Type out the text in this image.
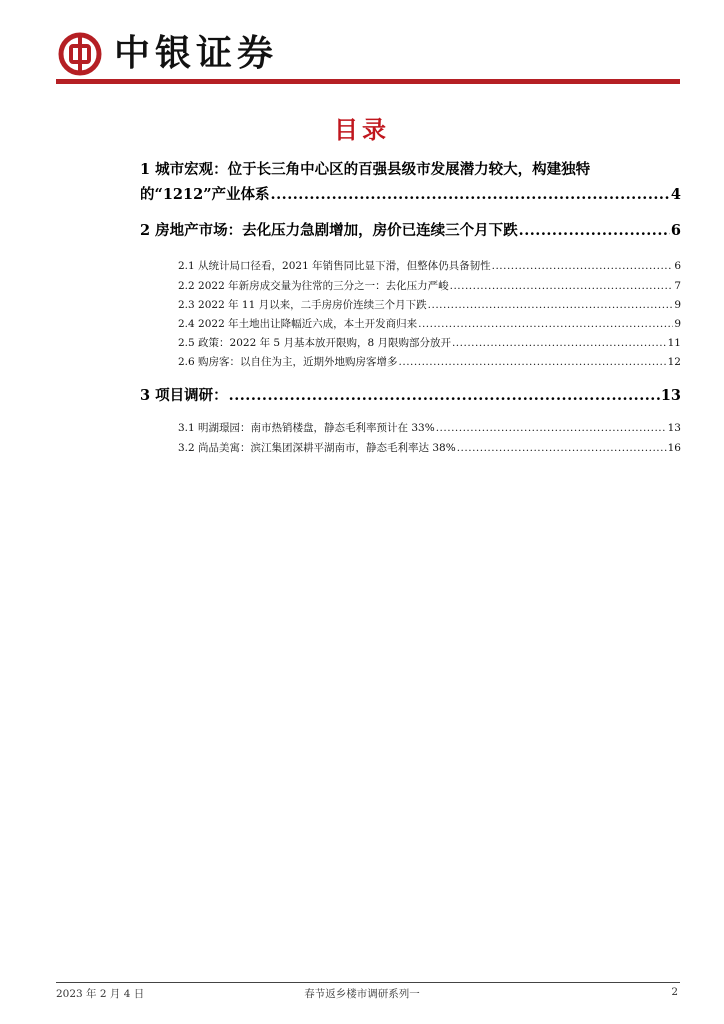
中银证券
目录
1 城市宏观：位于长三角中心区的百强县级市发展潜力较大，构建独特
的“1212”产业体系 .....	4
2 房地产市场：去化压力急剧增加，房价已连续三个月下跌 .....	6
2.1 从统计局口径看，2021 年销售同比显下滑，但整体仍具备韧性 .....	6
2.2 2022 年新房成交量为往常的三分之一：去化压力严峻 .....	7
2.3 2022 年 11 月以来，二手房房价连续三个月下跌 .....	9
2.4 2022 年土地出让降幅近六成，本土开发商归来 .....	9
2.5 政策：2022 年 5 月基本放开限购，8 月限购部分放开 .....	11
2.6 购房客：以自住为主，近期外地购房客增多 .....	12
3 项目调研： .....	13
3.1 明湖璟园：南市热销楼盘，静态毛利率预计在 33% .....	13
3.2 尚品美寓：滨江集团深耕平湖南市，静态毛利率达 38% .....	16
2023 年 2 月 4 日	春节返乡楼市调研系列一	2
